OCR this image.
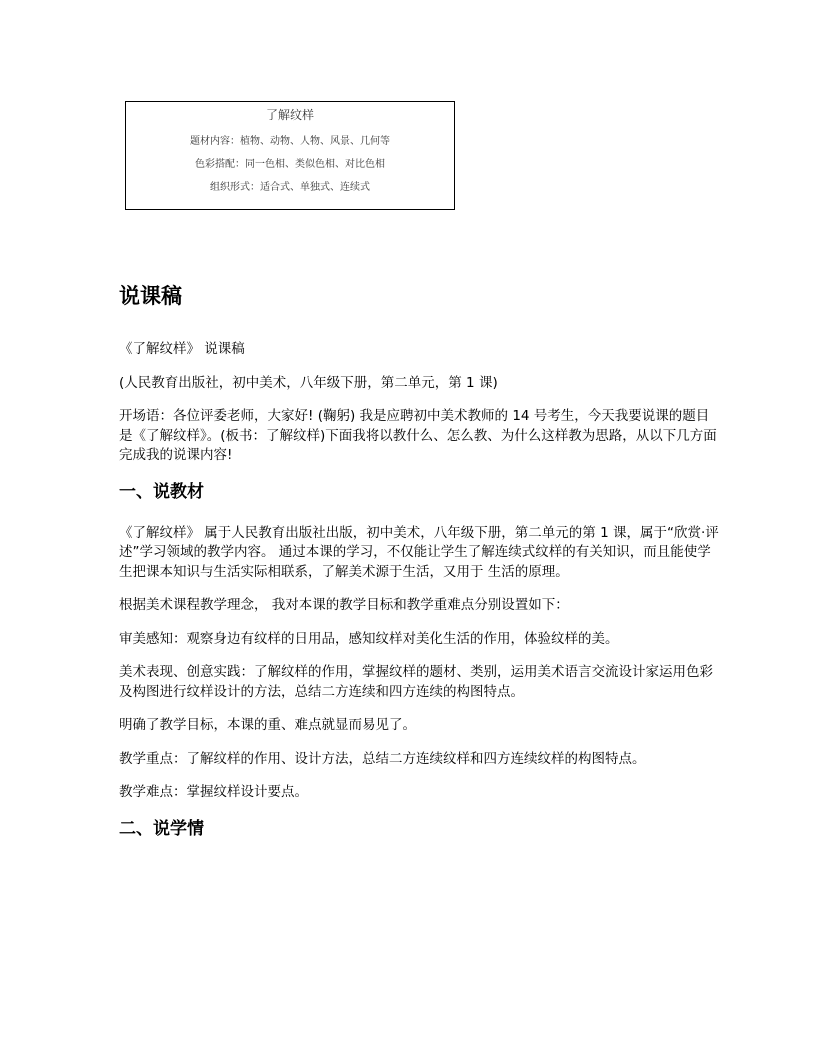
了解纹样
题材内容：植物、动物、人物、风景、几何等
色彩搭配：同一色相、类似色相、对比色相
组织形式：适合式、单独式、连续式
说课稿

《了解纹样》 说课稿

(人民教育出版社，初中美术，八年级下册，第二单元，第 1 课)

开场语：各位评委老师，大家好! (鞠躬) 我是应聘初中美术教师的 14 号考生，今天我要说课的题目是《了解纹样》。(板书：了解纹样)下面我将以教什么、怎么教、为什么这样教为思路，从以下几方面完成我的说课内容!

一、说教材

《了解纹样》 属于人民教育出版社出版，初中美术，八年级下册，第二单元的第 1 课，属于“欣赏·评述”学习领域的教学内容。 通过本课的学习，不仅能让学生了解连续式纹样的有关知识，而且能使学生把课本知识与生活实际相联系，了解美术源于生活，又用于 生活的原理。

根据美术课程教学理念， 我对本课的教学目标和教学重难点分别设置如下：

审美感知：观察身边有纹样的日用品，感知纹样对美化生活的作用，体验纹样的美。

美术表现、创意实践：了解纹样的作用，掌握纹样的题材、类别，运用美术语言交流设计家运用色彩及构图进行纹样设计的方法，总结二方连续和四方连续的构图特点。

明确了教学目标，本课的重、难点就显而易见了。

教学重点：了解纹样的作用、设计方法，总结二方连续纹样和四方连续纹样的构图特点。

教学难点：掌握纹样设计要点。

二、说学情
